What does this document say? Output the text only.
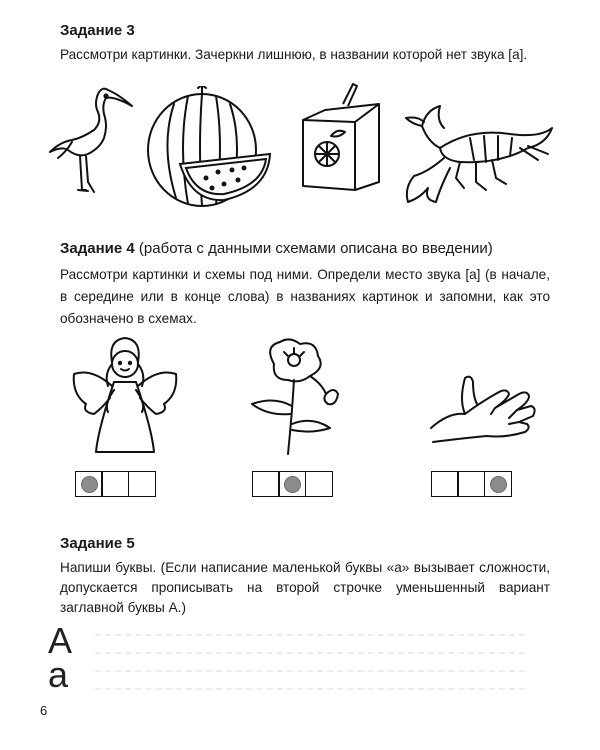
Задание 3
Рассмотри картинки. Зачеркни лишнюю, в названии которой нет звука [а].
Задание 4 (работа с данными схемами описана во введении)
Рассмотри картинки и схемы под ними. Определи место звука [а] (в начале, в середине или в конце слова) в названиях картинок и запомни, как это обозначено в схемах.
Задание 5
Напиши буквы. (Если написание маленькой буквы «а» вызывает сложности, допускается прописывать на второй строчке уменьшенный вариант заглавной буквы А.)
А
а
6
